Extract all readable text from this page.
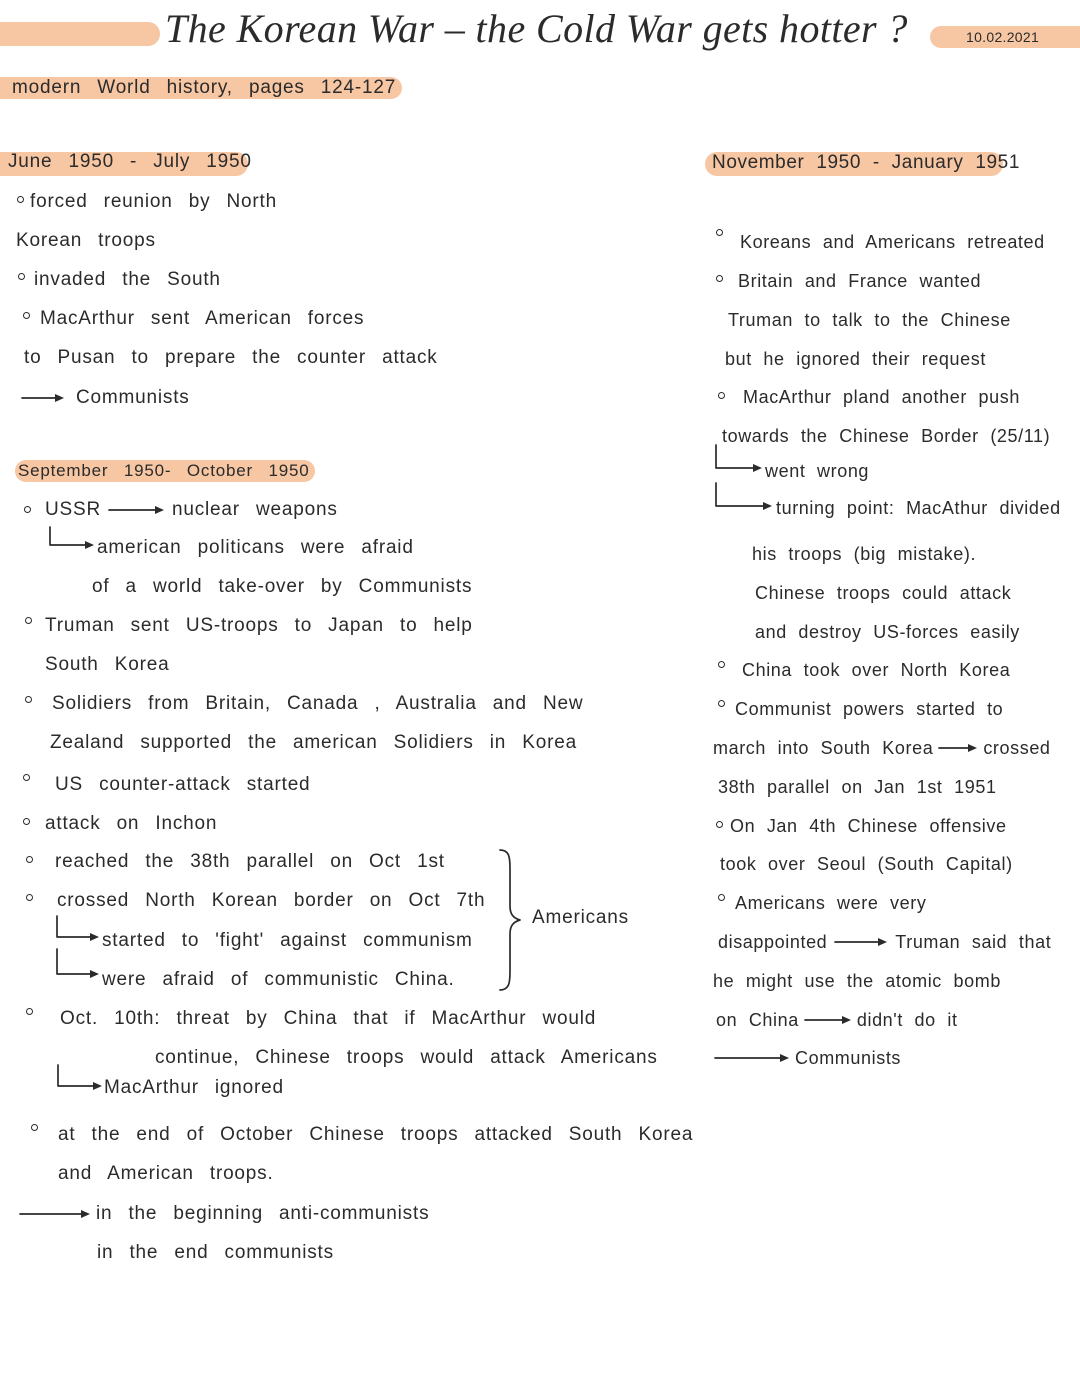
The Korean War – the Cold War gets hotter ?	10.02.2021
modern World history, pages 124-127
June 1950 - July 1950
forced reunion by North
Korean troops
invaded the South
MacArthur sent American forces
to Pusan to prepare the counter attack
Communists
September 1950- October 1950
USSR	nuclear weapons
american politicans were afraid
of a world take-over by Communists
Truman sent US-troops to Japan to help
South Korea
Solidiers from Britain, Canada , Australia and New
Zealand supported the american Solidiers in Korea
US counter-attack started
attack on Inchon
reached the 38th parallel on Oct 1st
crossed North Korean border on Oct 7th
started to 'fight' against communism
were afraid of communistic China.
Americans
Oct. 10th: threat by China that if MacArthur would
continue, Chinese troops would attack Americans
MacArthur ignored
at the end of October Chinese troops attacked South Korea
and American troops.
in the beginning anti-communists
in the end communists
November 1950 - January 1951
Koreans and Americans retreated
Britain and France wanted
Truman to talk to the Chinese
but he ignored their request
MacArthur pland another push
towards the Chinese Border (25/11)
went wrong
turning point: MacAthur divided
his troops (big mistake).
Chinese troops could attack
and destroy US-forces easily
China took over North Korea
Communist powers started to
march into South Korea	crossed
38th parallel on Jan 1st 1951
On Jan 4th Chinese offensive
took over Seoul (South Capital)
Americans were very
disappointed	Truman said that
he might use the atomic bomb
on China	didn't do it
Communists
